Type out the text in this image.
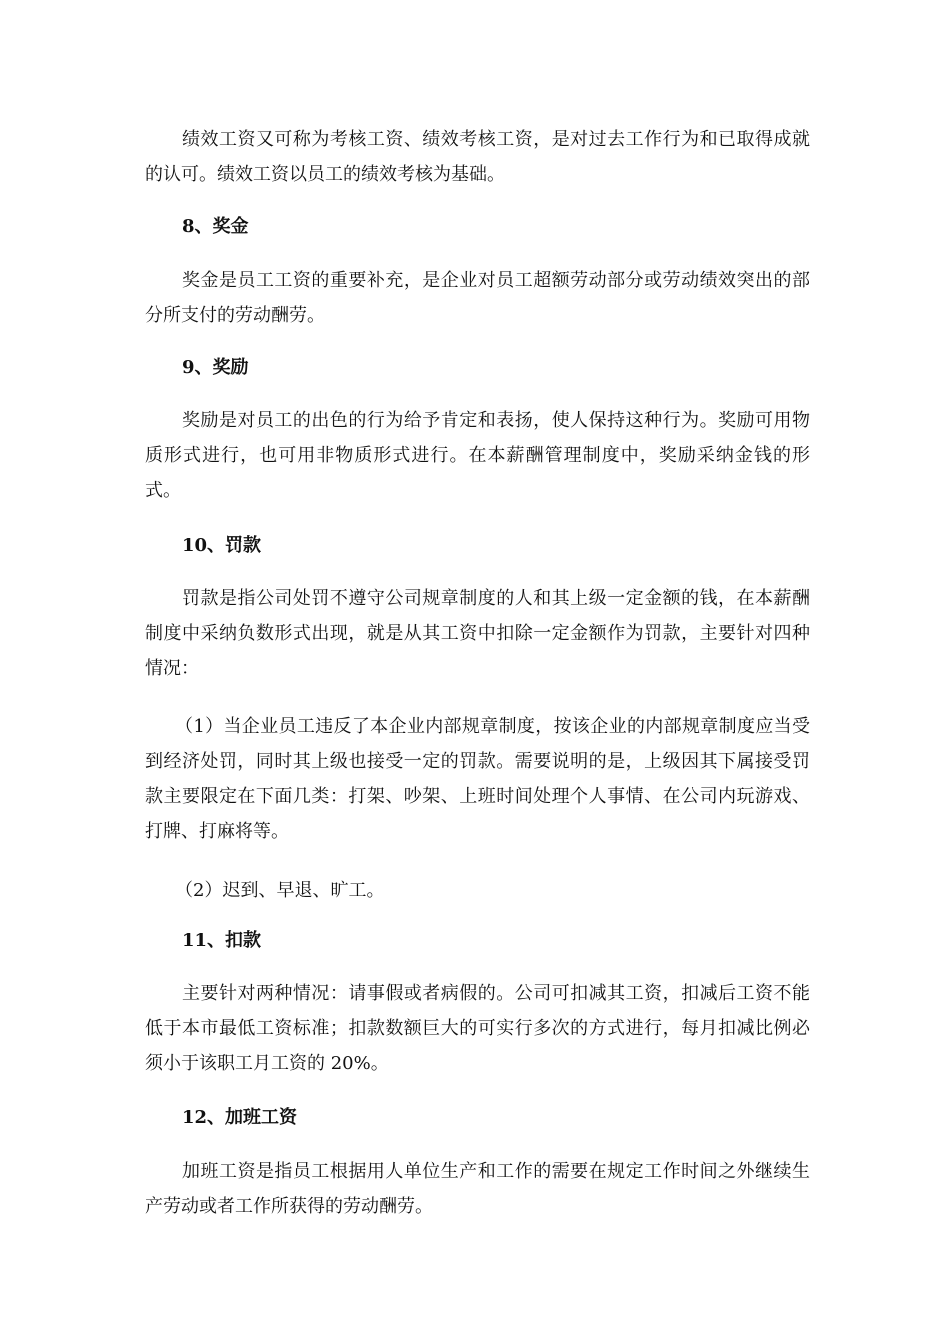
绩效工资又可称为考核工资、绩效考核工资，是对过去工作行为和已取得成就的认可。绩效工资以员工的绩效考核为基础。

8、奖金

奖金是员工工资的重要补充，是企业对员工超额劳动部分或劳动绩效突出的部分所支付的劳动酬劳。

9、奖励

奖励是对员工的出色的行为给予肯定和表扬，使人保持这种行为。奖励可用物质形式进行，也可用非物质形式进行。在本薪酬管理制度中，奖励采纳金钱的形式。

10、罚款

罚款是指公司处罚不遵守公司规章制度的人和其上级一定金额的钱，在本薪酬制度中采纳负数形式出现，就是从其工资中扣除一定金额作为罚款，主要针对四种情况：

（1）当企业员工违反了本企业内部规章制度，按该企业的内部规章制度应当受到经济处罚，同时其上级也接受一定的罚款。需要说明的是，上级因其下属接受罚款主要限定在下面几类：打架、吵架、上班时间处理个人事情、在公司内玩游戏、打牌、打麻将等。

（2）迟到、早退、旷工。

11、扣款

主要针对两种情况：请事假或者病假的。公司可扣减其工资，扣减后工资不能低于本市最低工资标准；扣款数额巨大的可实行多次的方式进行，每月扣减比例必须小于该职工月工资的 20%。

12、加班工资

加班工资是指员工根据用人单位生产和工作的需要在规定工作时间之外继续生产劳动或者工作所获得的劳动酬劳。
